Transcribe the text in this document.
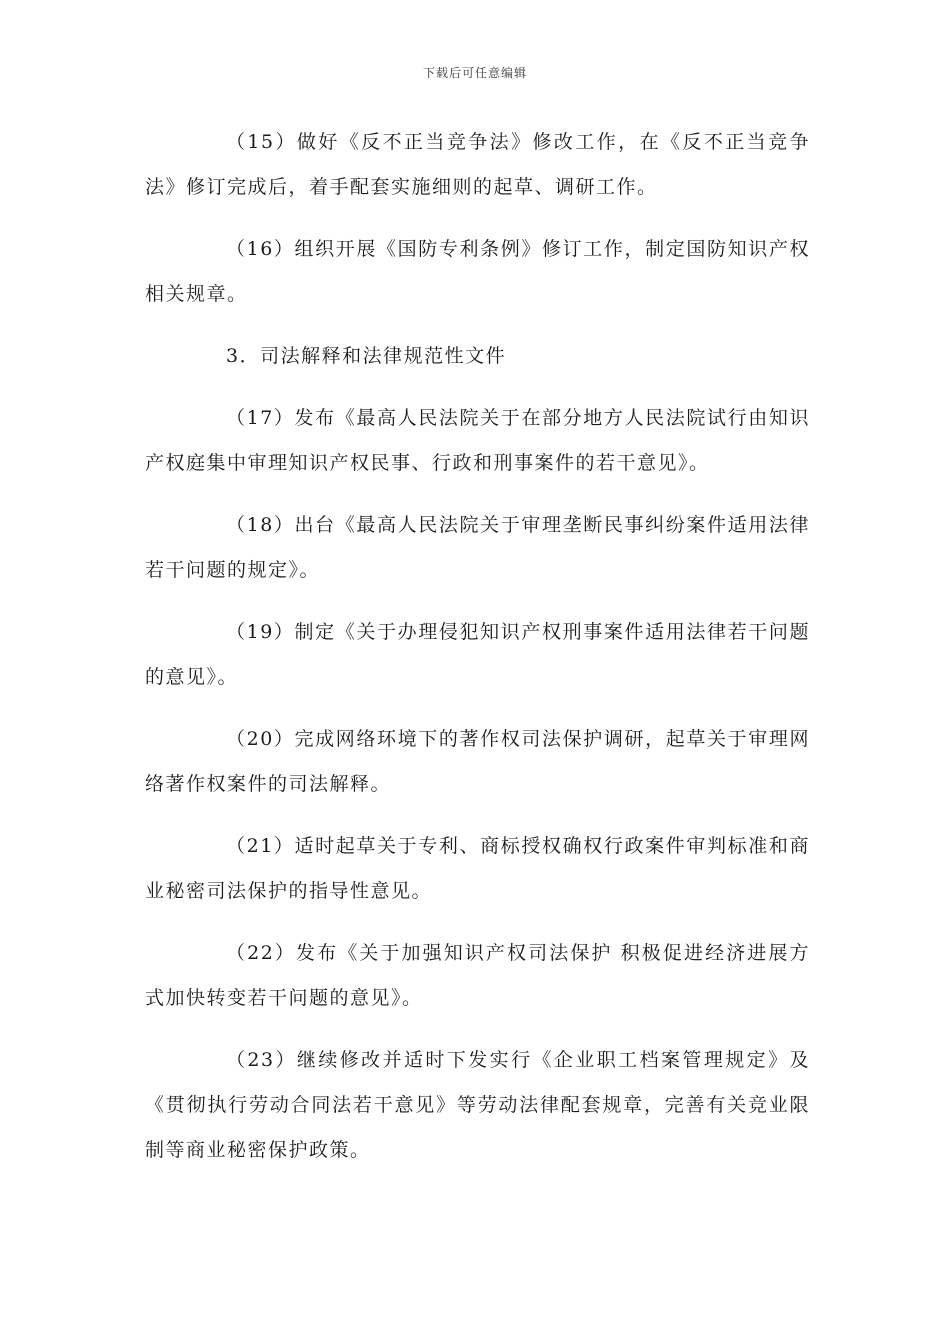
下载后可任意编辑

（15）做好《反不正当竞争法》修改工作，在《反不正当竞争法》修订完成后，着手配套实施细则的起草、调研工作。

（16）组织开展《国防专利条例》修订工作，制定国防知识产权相关规章。

3．司法解释和法律规范性文件

（17）发布《最高人民法院关于在部分地方人民法院试行由知识产权庭集中审理知识产权民事、行政和刑事案件的若干意见》。

（18）出台《最高人民法院关于审理垄断民事纠纷案件适用法律若干问题的规定》。

（19）制定《关于办理侵犯知识产权刑事案件适用法律若干问题的意见》。

（20）完成网络环境下的著作权司法保护调研，起草关于审理网络著作权案件的司法解释。

（21）适时起草关于专利、商标授权确权行政案件审判标准和商业秘密司法保护的指导性意见。

（22）发布《关于加强知识产权司法保护 积极促进经济进展方式加快转变若干问题的意见》。

（23）继续修改并适时下发实行《企业职工档案管理规定》及《贯彻执行劳动合同法若干意见》等劳动法律配套规章，完善有关竞业限制等商业秘密保护政策。
